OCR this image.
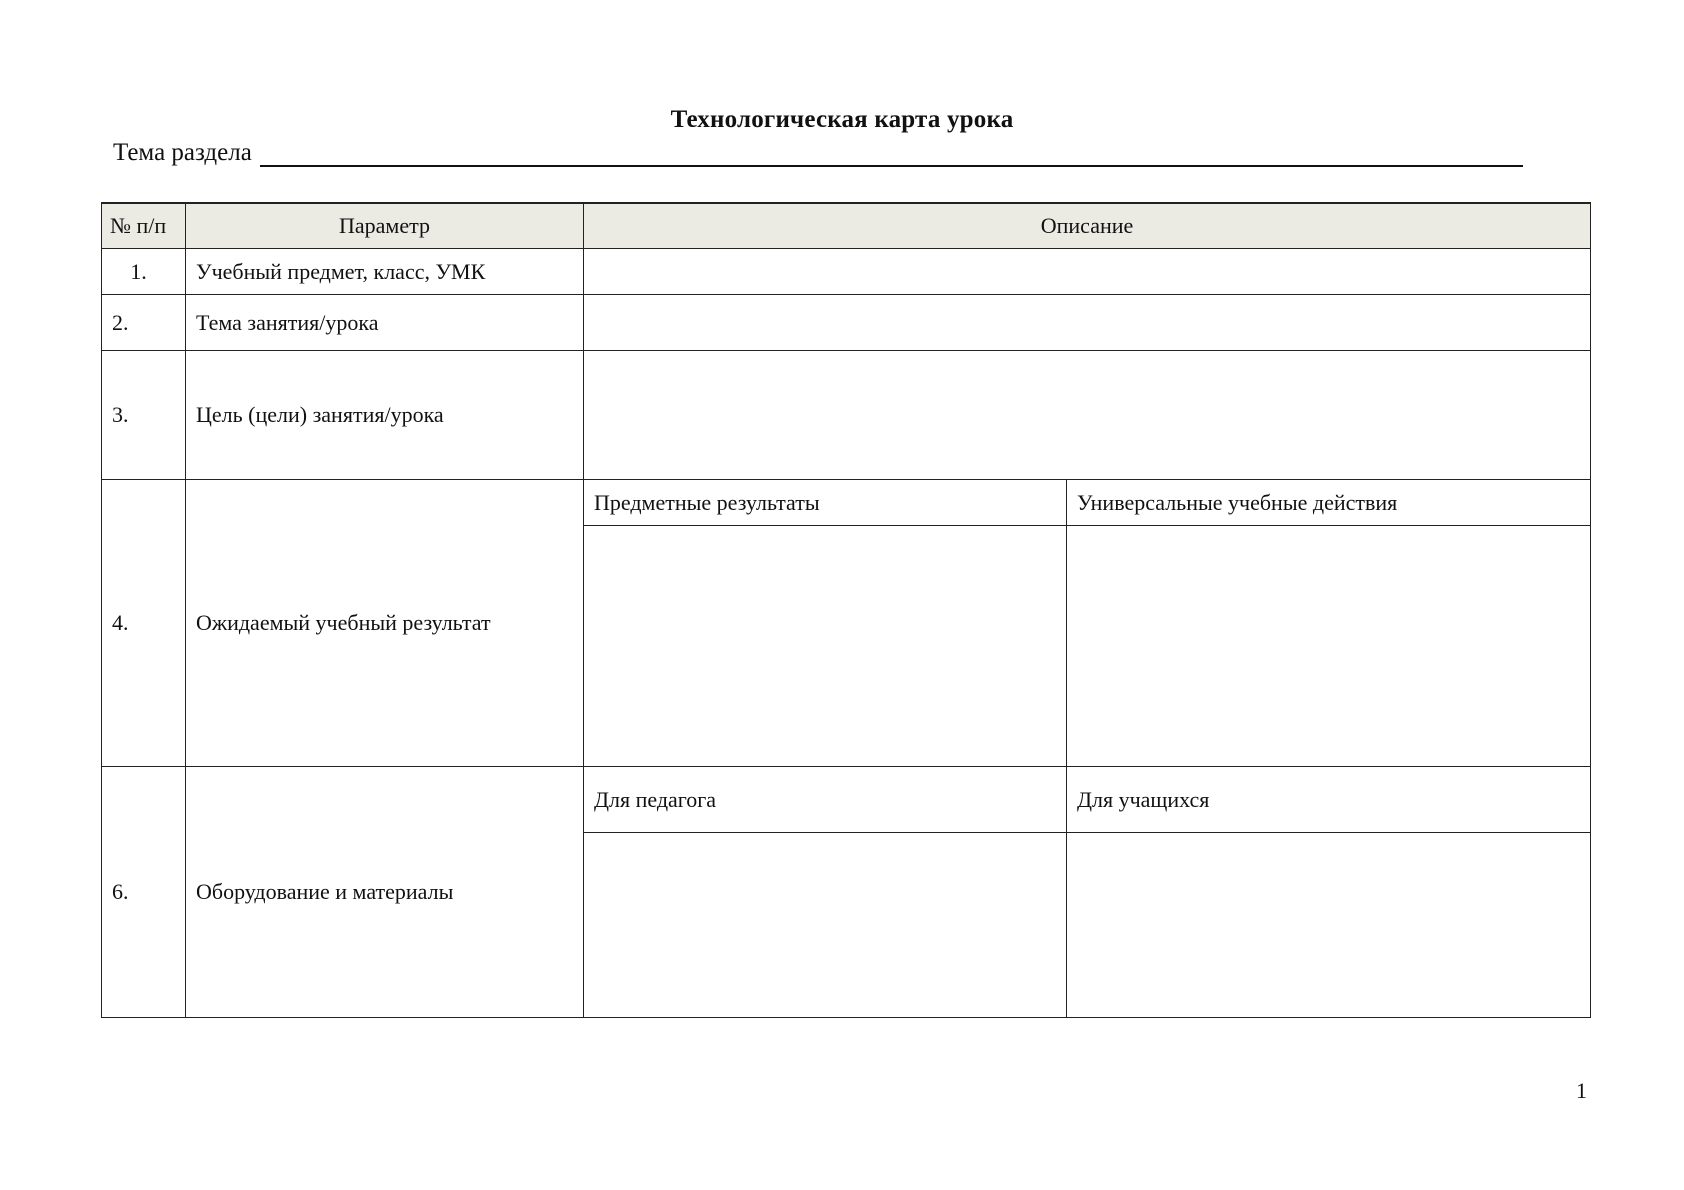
Технологическая карта урока
Тема раздела
№ п/п	Параметр	Описание	
1.	Учебный предмет, класс, УМК		
2.	Тема занятия/урока		
3.	Цель (цели) занятия/урока		
4.	Ожидаемый учебный результат	Предметные результаты	Универсальные учебные действия

6.	Оборудование и материалы	Для педагога	Для учащихся

1
